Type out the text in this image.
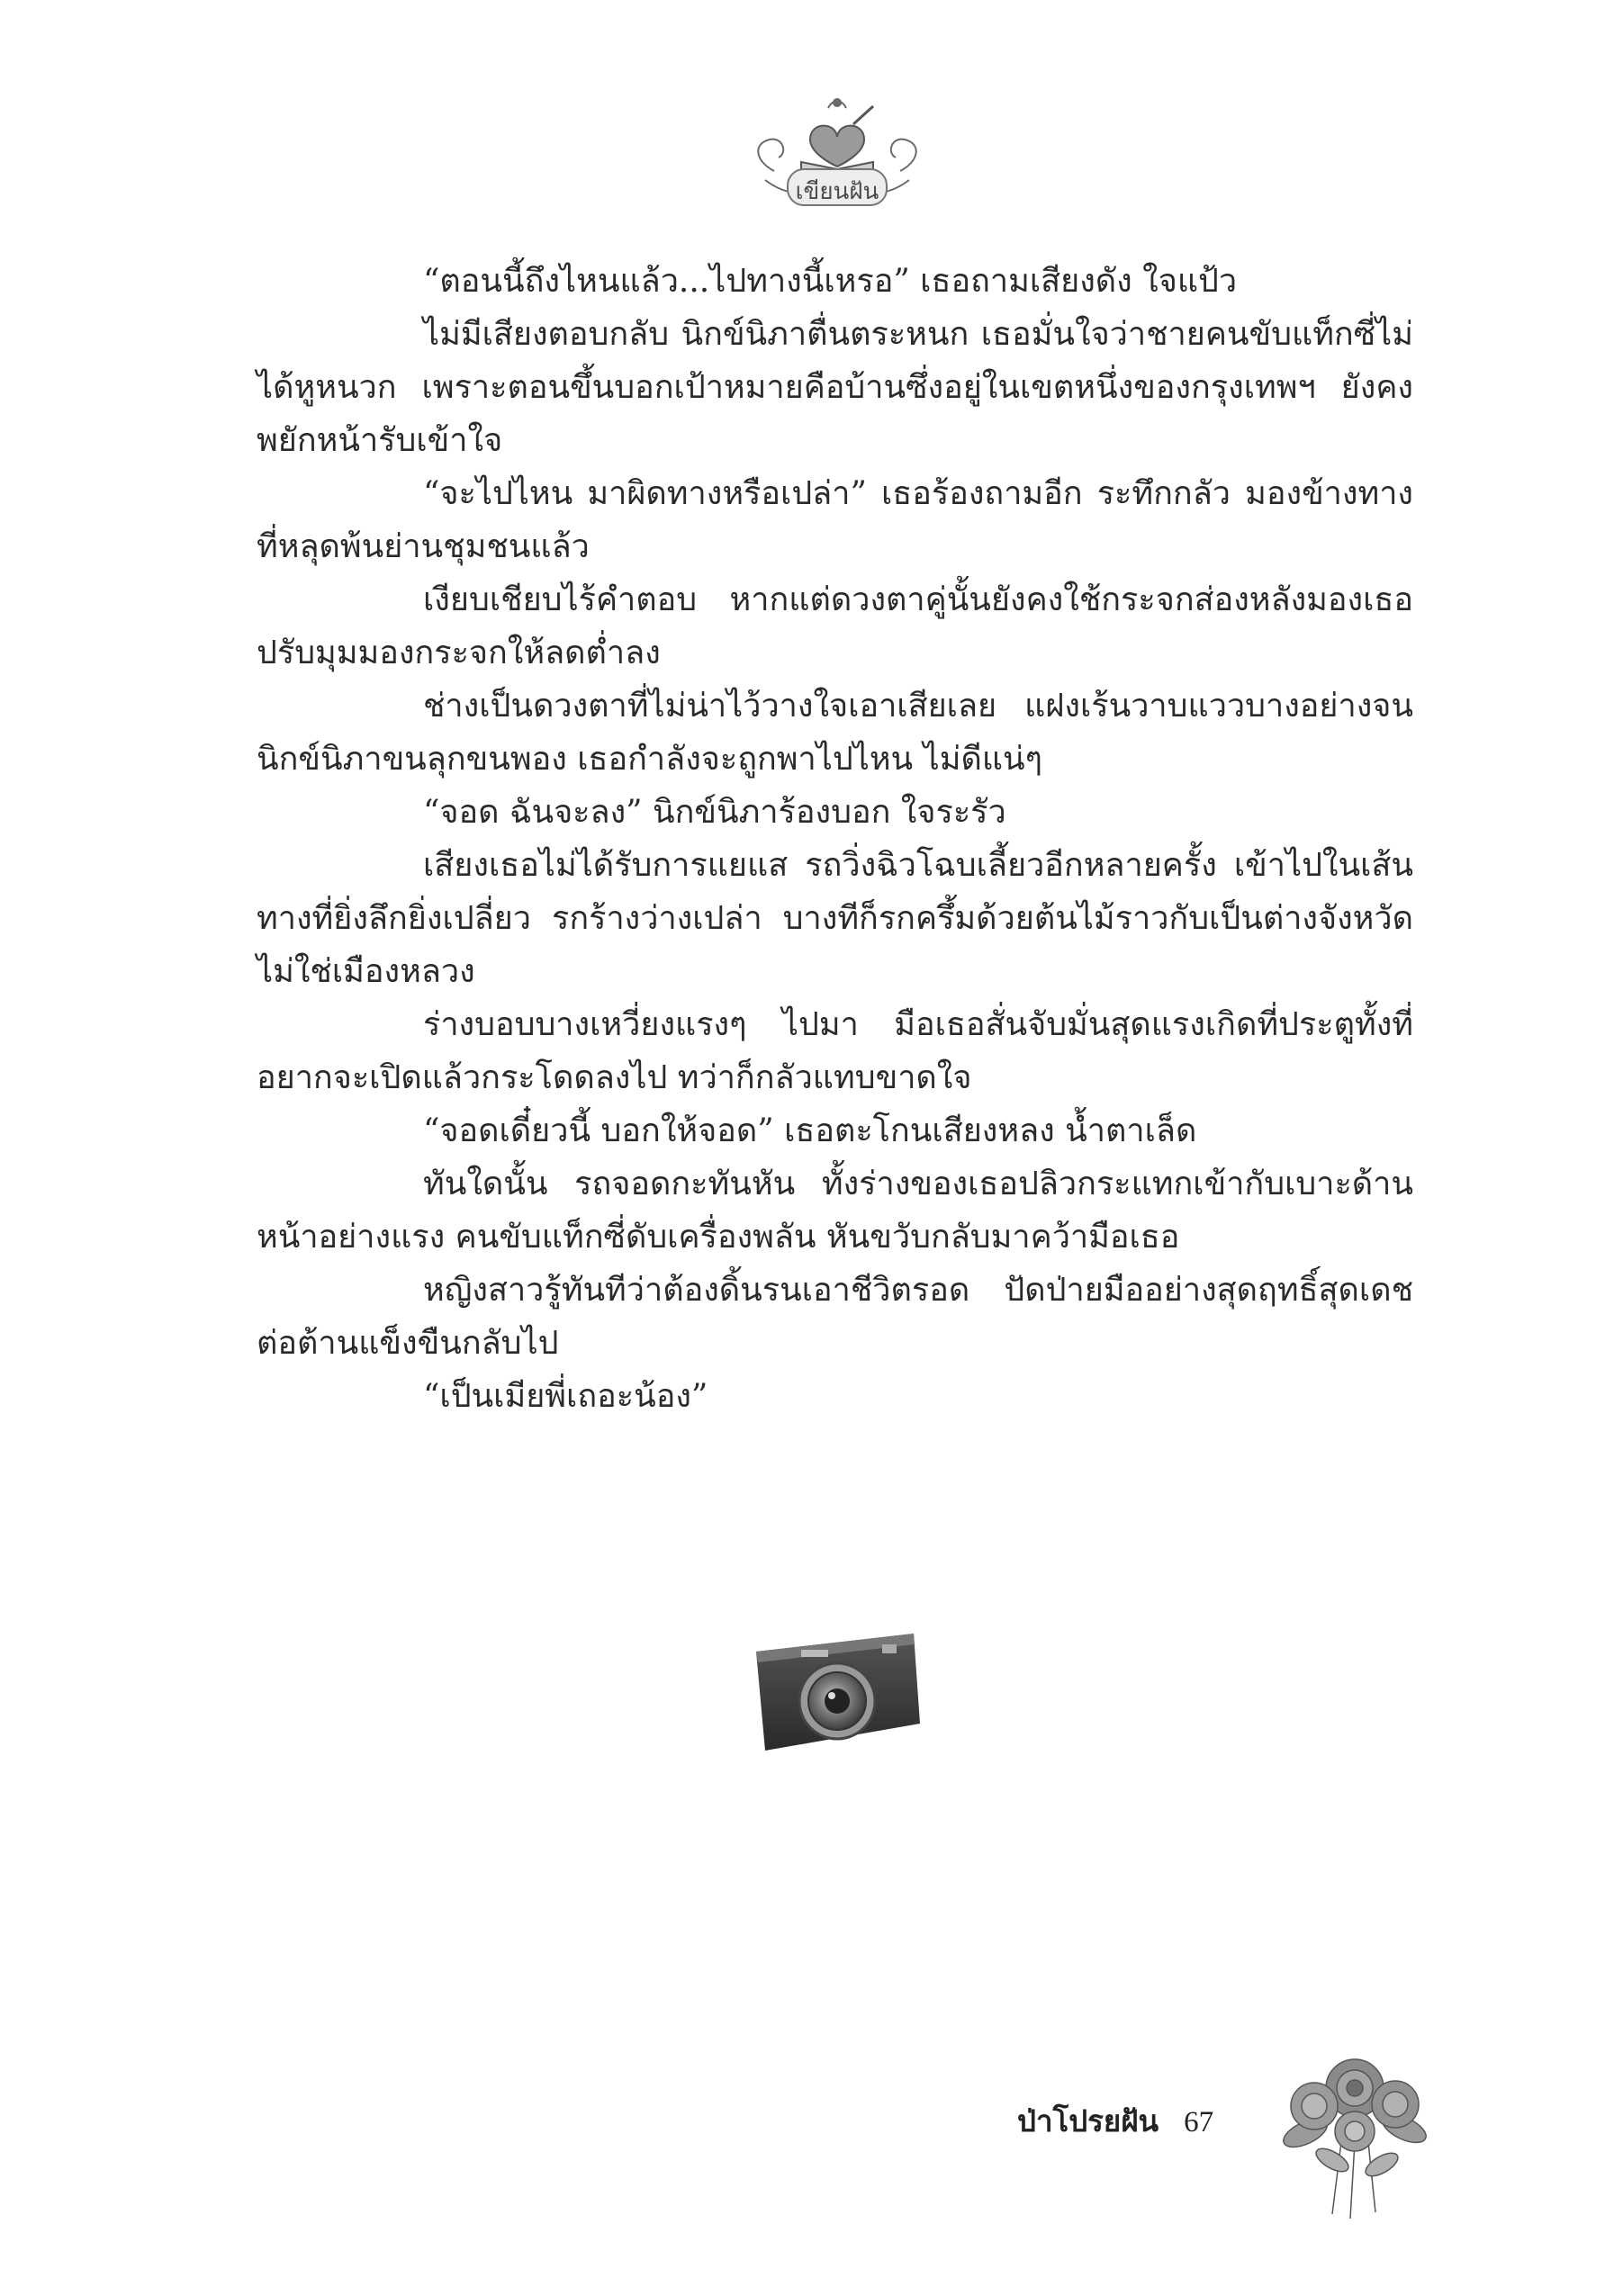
เขียนฝัน

“ตอนนี้ถึงไหนแล้ว...ไปทางนี้เหรอ” เธอถามเสียงดัง ใจแป้ว

ไม่มีเสียงตอบกลับ นิกข์นิภาตื่นตระหนก เธอมั่นใจว่าชายคนขับแท็กซี่ไม่ได้หูหนวก เพราะตอนขึ้นบอกเป้าหมายคือบ้านซึ่งอยู่ในเขตหนึ่งของกรุงเทพฯ ยังคงพยักหน้ารับเข้าใจ

“จะไปไหน มาผิดทางหรือเปล่า” เธอร้องถามอีก ระทึกกลัว มองข้างทางที่หลุดพ้นย่านชุมชนแล้ว

เงียบเชียบไร้คำตอบ หากแต่ดวงตาคู่นั้นยังคงใช้กระจกส่องหลังมองเธอ ปรับมุมมองกระจกให้ลดต่ำลง

ช่างเป็นดวงตาที่ไม่น่าไว้วางใจเอาเสียเลย แฝงเร้นวาบแววบางอย่างจนนิกข์นิภาขนลุกขนพอง เธอกำลังจะถูกพาไปไหน ไม่ดีแน่ๆ

“จอด ฉันจะลง” นิกข์นิภาร้องบอก ใจระรัว

เสียงเธอไม่ได้รับการแยแส รถวิ่งฉิวโฉบเลี้ยวอีกหลายครั้ง เข้าไปในเส้นทางที่ยิ่งลึกยิ่งเปลี่ยว รกร้างว่างเปล่า บางทีก็รกครึ้มด้วยต้นไม้ราวกับเป็นต่างจังหวัดไม่ใช่เมืองหลวง

ร่างบอบบางเหวี่ยงแรงๆ ไปมา มือเธอสั่นจับมั่นสุดแรงเกิดที่ประตูทั้งที่อยากจะเปิดแล้วกระโดดลงไป ทว่าก็กลัวแทบขาดใจ

“จอดเดี๋ยวนี้ บอกให้จอด” เธอตะโกนเสียงหลง น้ำตาเล็ด

ทันใดนั้น รถจอดกะทันหัน ทั้งร่างของเธอปลิวกระแทกเข้ากับเบาะด้านหน้าอย่างแรง คนขับแท็กซี่ดับเครื่องพลัน หันขวับกลับมาคว้ามือเธอ

หญิงสาวรู้ทันทีว่าต้องดิ้นรนเอาชีวิตรอด ปัดป่ายมืออย่างสุดฤทธิ์สุดเดชต่อต้านแข็งขืนกลับไป

“เป็นเมียพี่เถอะน้อง”

ป่าโปรยฝัน 67
